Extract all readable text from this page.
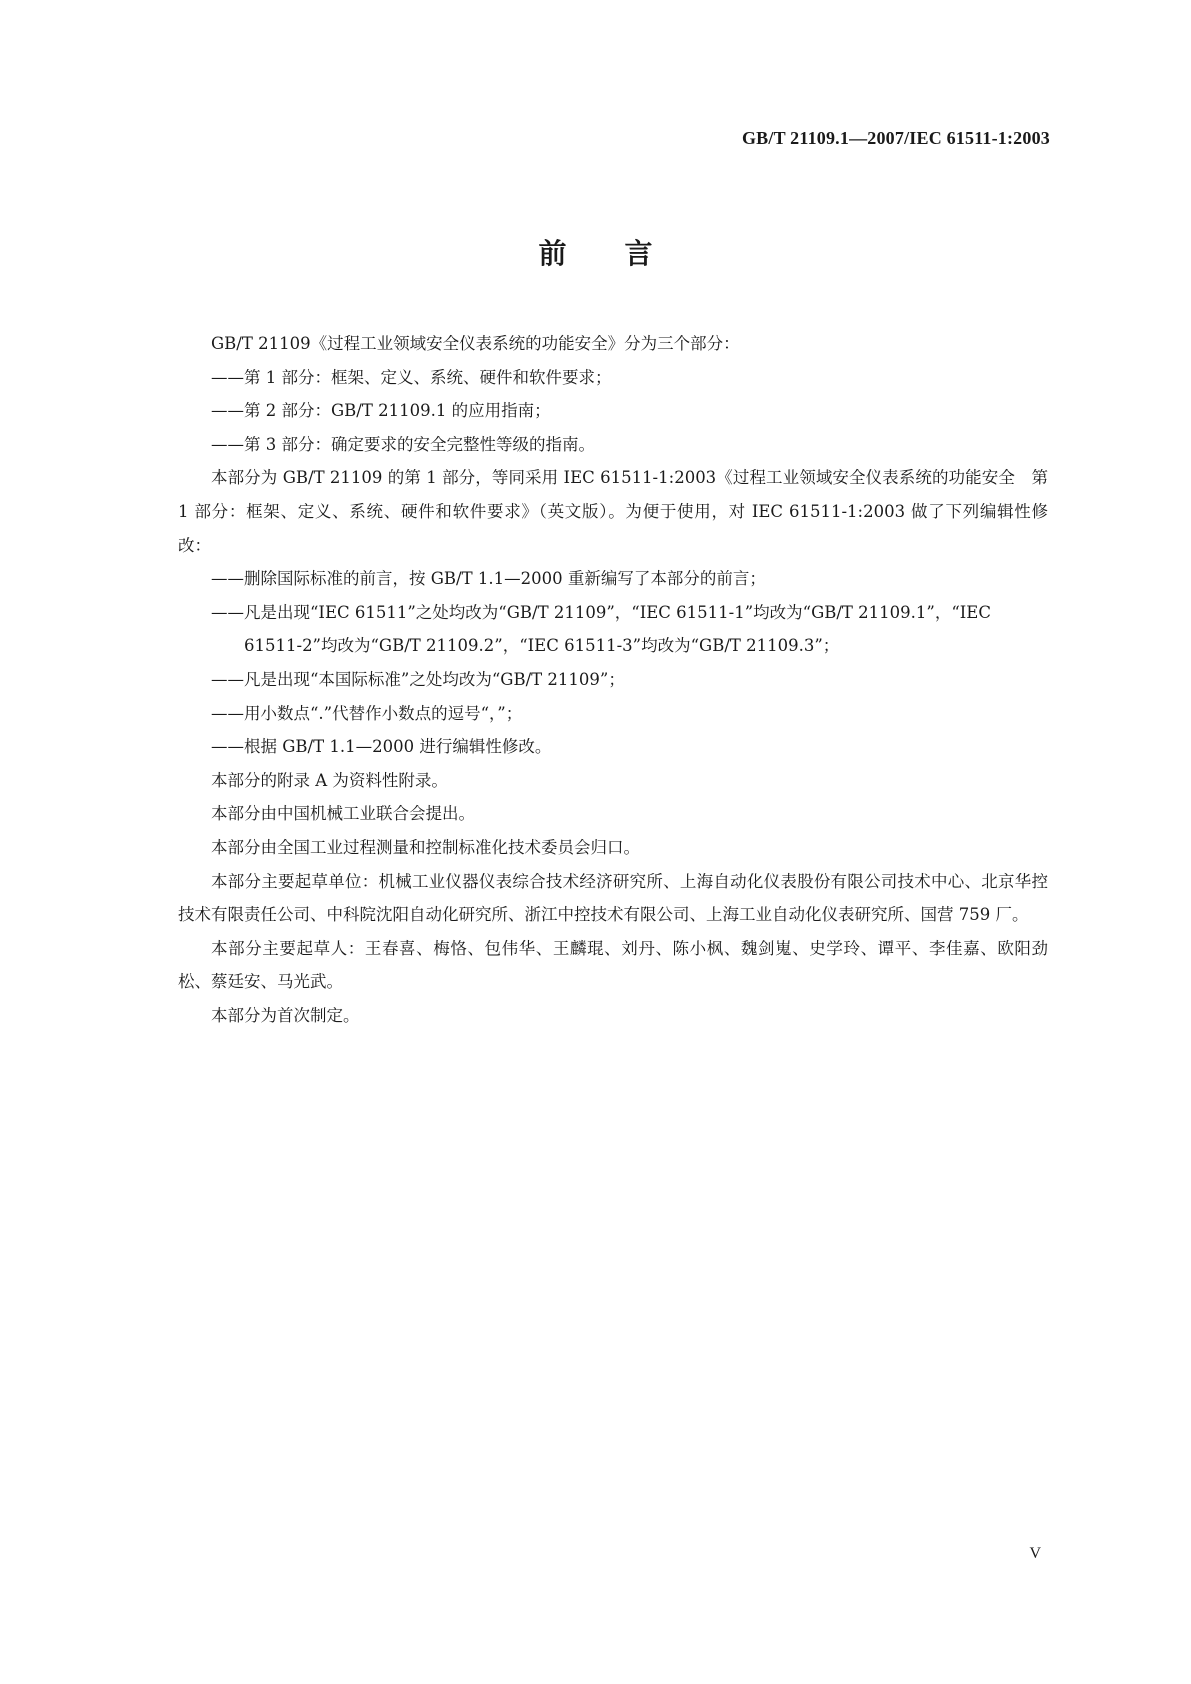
GB/T 21109.1—2007/IEC 61511-1:2003
前言

GB/T 21109《过程工业领域安全仪表系统的功能安全》分为三个部分：

——第 1 部分：框架、定义、系统、硬件和软件要求；

——第 2 部分：GB/T 21109.1 的应用指南；

——第 3 部分：确定要求的安全完整性等级的指南。

本部分为 GB/T 21109 的第 1 部分，等同采用 IEC 61511-1:2003《过程工业领域安全仪表系统的功能安全　第 1 部分：框架、定义、系统、硬件和软件要求》（英文版）。为便于使用，对 IEC 61511-1:2003 做了下列编辑性修改：

——删除国际标准的前言，按 GB/T 1.1—2000 重新编写了本部分的前言；

——凡是出现“IEC 61511”之处均改为“GB/T 21109”，“IEC 61511-1”均改为“GB/T 21109.1”，“IEC 61511-2”均改为“GB/T 21109.2”，“IEC 61511-3”均改为“GB/T 21109.3”；

——凡是出现“本国际标准”之处均改为“GB/T 21109”；

——用小数点“.”代替作小数点的逗号“，”；

——根据 GB/T 1.1—2000 进行编辑性修改。

本部分的附录 A 为资料性附录。

本部分由中国机械工业联合会提出。

本部分由全国工业过程测量和控制标准化技术委员会归口。

本部分主要起草单位：机械工业仪器仪表综合技术经济研究所、上海自动化仪表股份有限公司技术中心、北京华控技术有限责任公司、中科院沈阳自动化研究所、浙江中控技术有限公司、上海工业自动化仪表研究所、国营 759 厂。

本部分主要起草人：王春喜、梅恪、包伟华、王麟琨、刘丹、陈小枫、魏剑嵬、史学玲、谭平、李佳嘉、欧阳劲松、蔡廷安、马光武。

本部分为首次制定。

V
